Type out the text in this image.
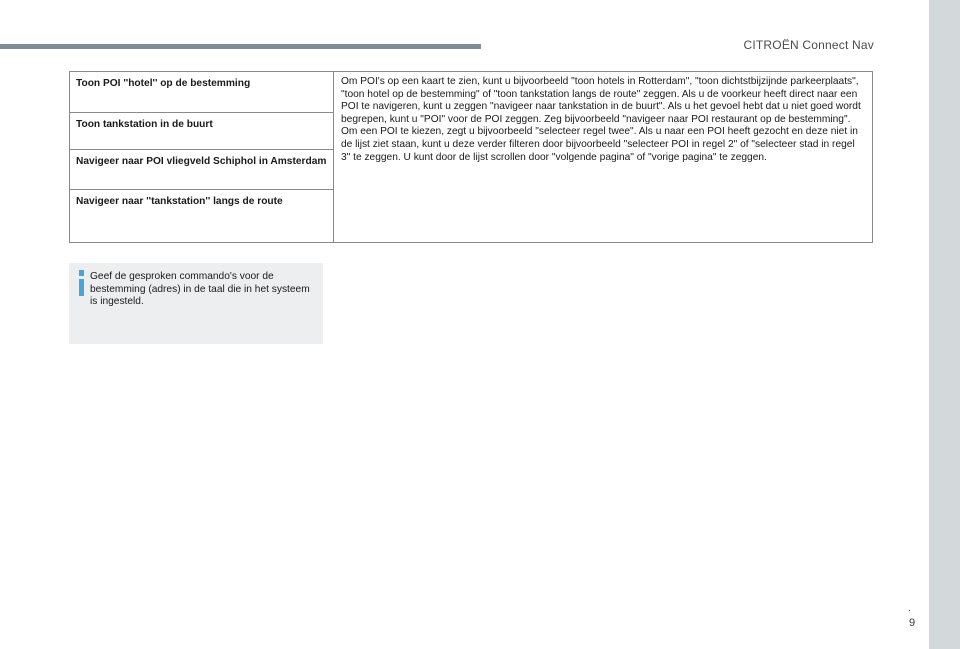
CITROËN Connect Nav
Toon POI ''hotel'' op de bestemming
Toon tankstation in de buurt
Navigeer naar POI vliegveld Schiphol in Amsterdam
Navigeer naar ''tankstation'' langs de route

Om POI's op een kaart te zien, kunt u bijvoorbeeld "toon hotels in Rotterdam", "toon dichtstbijzijnde parkeerplaats", "toon hotel op de bestemming" of "toon tankstation langs de route" zeggen. Als u de voorkeur heeft direct naar een POI te navigeren, kunt u zeggen "navigeer naar tankstation in de buurt". Als u het gevoel hebt dat u niet goed wordt begrepen, kunt u "POI" voor de POI zeggen. Zeg bijvoorbeeld "navigeer naar POI restaurant op de bestemming".

Om een POI te kiezen, zegt u bijvoorbeeld "selecteer regel twee". Als u naar een POI heeft gezocht en deze niet in de lijst ziet staan, kunt u deze verder filteren door bijvoorbeeld "selecteer POI in regel 2" of "selecteer stad in regel 3" te zeggen. U kunt door de lijst scrollen door "volgende pagina" of "vorige pagina" te zeggen.

Geef de gesproken commando's voor de bestemming (adres) in de taal die in het systeem is ingesteld.
.
9
